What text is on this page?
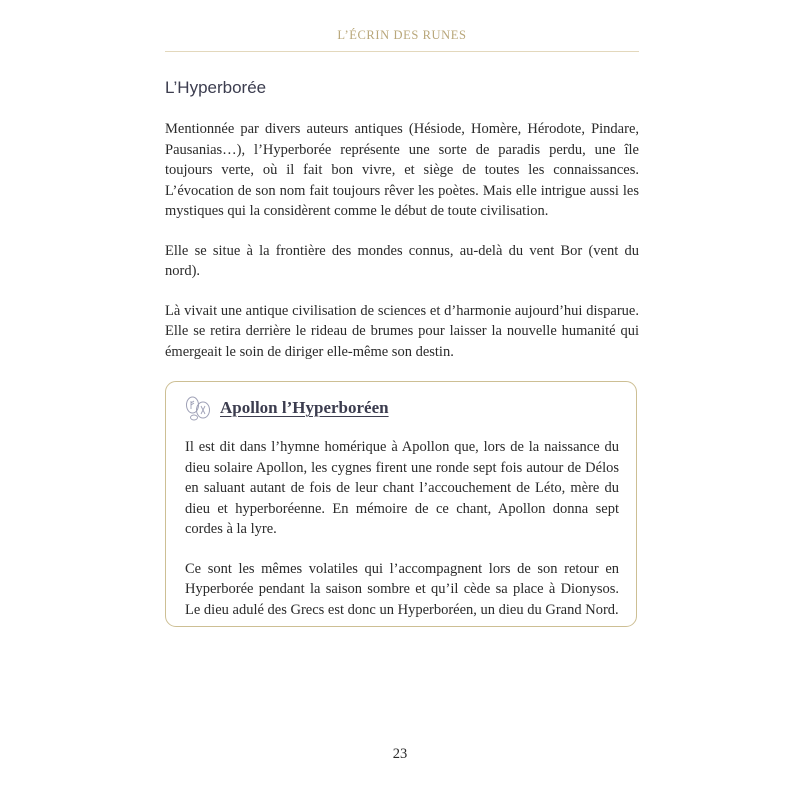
L’ÉCRIN DES RUNES
L’Hyperborée

Mentionnée par divers auteurs antiques (Hésiode, Homère, Hérodote, Pindare, Pausanias…), l’Hyperborée représente une sorte de paradis perdu, une île toujours verte, où il fait bon vivre, et siège de toutes les connaissances. L’évocation de son nom fait toujours rêver les poètes. Mais elle intrigue aussi les mystiques qui la considèrent comme le début de toute civilisation.

Elle se situe à la frontière des mondes connus, au-delà du vent Bor (vent du nord).

Là vivait une antique civilisation de sciences et d’harmonie aujourd’hui disparue. Elle se retira derrière le rideau de brumes pour laisser la nouvelle humanité qui émergeait le soin de diriger elle-même son destin.

Apollon l’Hyperboréen

Il est dit dans l’hymne homérique à Apollon que, lors de la naissance du dieu solaire Apollon, les cygnes firent une ronde sept fois autour de Délos en saluant autant de fois de leur chant l’accouchement de Léto, mère du dieu et hyperboréenne. En mémoire de ce chant, Apollon donna sept cordes à la lyre.

Ce sont les mêmes volatiles qui l’accompagnent lors de son retour en Hyperborée pendant la saison sombre et qu’il cède sa place à Dionysos. Le dieu adulé des Grecs est donc un Hyperboréen, un dieu du Grand Nord.

23
